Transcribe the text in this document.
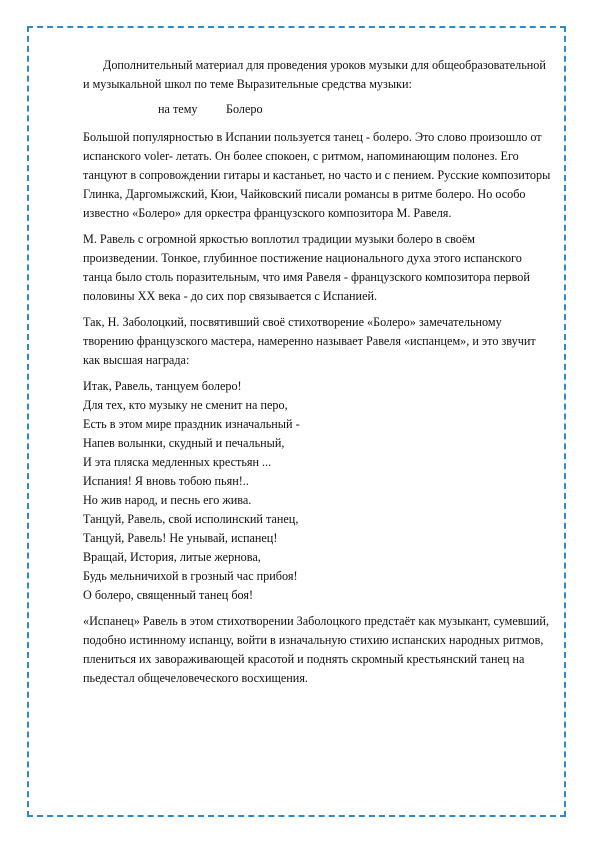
Дополнительный материал для проведения уроков музыки для общеобразовательной и музыкальной школ по теме Выразительные средства музыки:

на тему Болеро

Большой популярностью в Испании пользуется танец - болеро. Это слово произошло от испанского voler- летать. Он более спокоен, с ритмом, напоминающим полонез. Его танцуют в сопровождении гитары и кастаньет, но часто и с пением. Русские композиторы Глинка, Даргомыжский, Кюи, Чайковский писали романсы в ритме болеро. Но особо известно «Болеро» для оркестра французского композитора М. Равеля.

М. Равель с огромной яркостью воплотил традиции музыки болеро в своём произведении. Тонкое, глубинное постижение национального духа этого испанского танца было столь поразительным, что имя Равеля - французского композитора первой половины XX века - до сих пор связывается с Испанией.

Так, Н. Заболоцкий, посвятивший своё стихотворение «Болеро» замечательному творению французского мастера, намеренно называет Равеля «испанцем», и это звучит как высшая награда:

Итак, Равель, танцуем болеро!
Для тех, кто музыку не сменит на перо,
Есть в этом мире праздник изначальный -
Напев волынки, скудный и печальный,
И эта пляска медленных крестьян ...
Испания! Я вновь тобою пьян!..
Но жив народ, и песнь его жива.
Танцуй, Равель, свой исполинский танец,
Танцуй, Равель! Не унывай, испанец!
Вращай, История, литые жернова,
Будь мельничихой в грозный час прибоя!
О болеро, священный танец боя!

«Испанец» Равель в этом стихотворении Заболоцкого предстаёт как музыкант, сумевший, подобно истинному испанцу, войти в изначальную стихию испанских народных ритмов, плениться их завораживающей красотой и поднять скромный крестьянский танец на пьедестал общечеловеческого восхищения.
